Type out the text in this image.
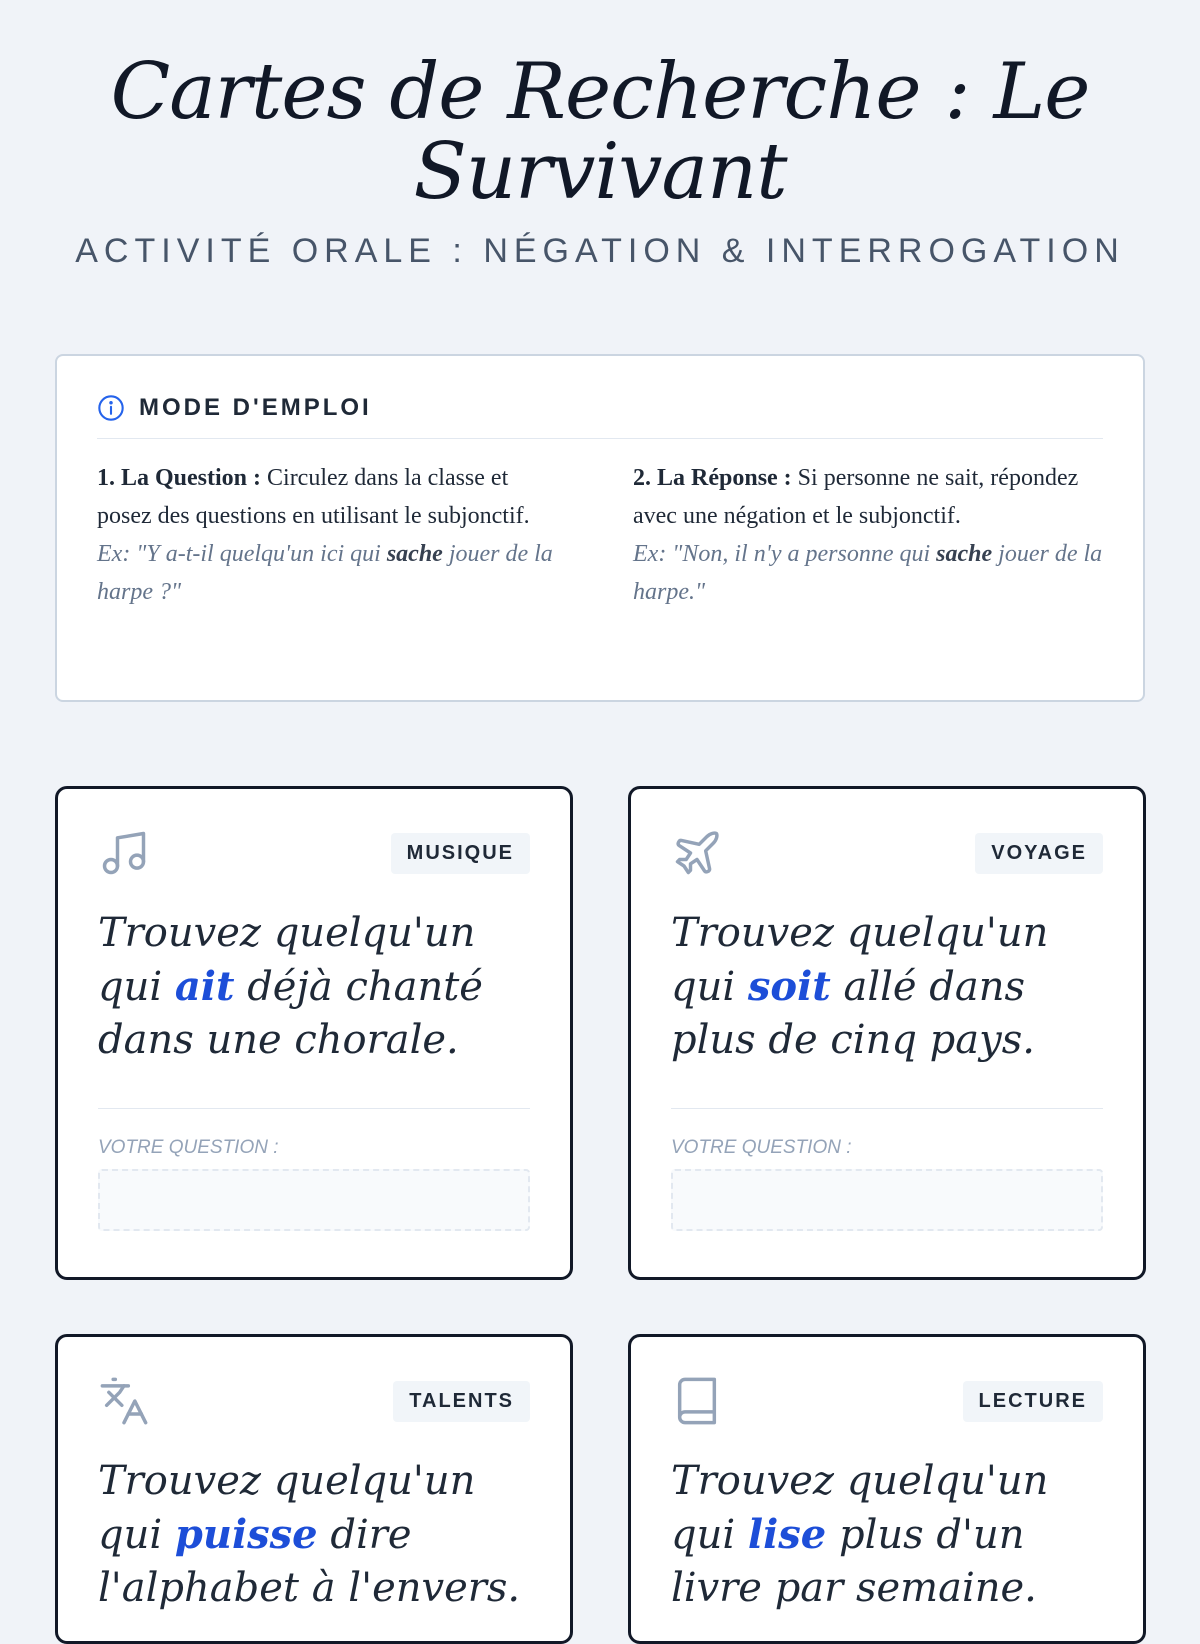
Cartes de Recherche : Le Survivant
ACTIVITÉ ORALE : NÉGATION & INTERROGATION
MODE D'EMPLOI
1. La Question : Circulez dans la classe et posez des questions en utilisant le subjonctif.
Ex: "Y a-t-il quelqu'un ici qui sache jouer de la harpe ?"
2. La Réponse : Si personne ne sait, répondez avec une négation et le subjonctif.
Ex: "Non, il n'y a personne qui sache jouer de la harpe."
MUSIQUE
Trouvez quelqu'un qui ait déjà chanté dans une chorale.
VOTRE QUESTION :
VOYAGE
Trouvez quelqu'un qui soit allé dans plus de cinq pays.
VOTRE QUESTION :
TALENTS
Trouvez quelqu'un qui puisse dire l'alphabet à l'envers.
LECTURE
Trouvez quelqu'un qui lise plus d'un livre par semaine.
